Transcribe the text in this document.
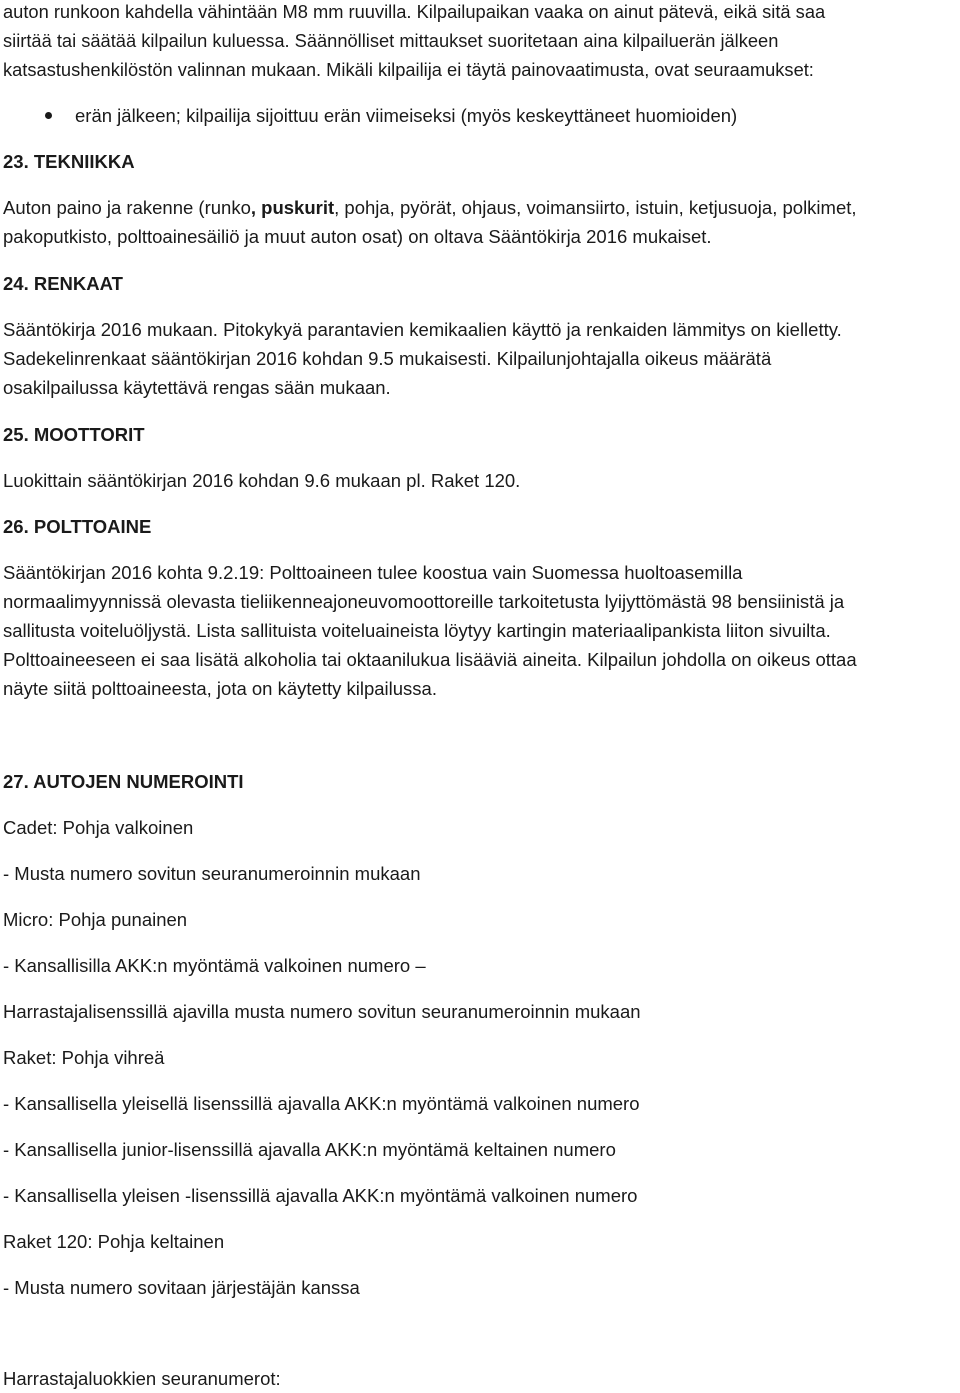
auton runkoon kahdella vähintään M8 mm ruuvilla. Kilpailupaikan vaaka on ainut pätevä, eikä sitä saa

siirtää tai säätää kilpailun kuluessa. Säännölliset mittaukset suoritetaan aina kilpailuerän jälkeen

katsastushenkilöstön valinnan mukaan. Mikäli kilpailija ei täytä painovaatimusta, ovat seuraamukset:

erän jälkeen; kilpailija sijoittuu erän viimeiseksi (myös keskeyttäneet huomioiden)

23. TEKNIIKKA

Auton paino ja rakenne (runko, puskurit, pohja, pyörät, ohjaus, voimansiirto, istuin, ketjusuoja, polkimet,

pakoputkisto, polttoainesäiliö ja muut auton osat) on oltava Sääntökirja 2016 mukaiset.

24. RENKAAT

Sääntökirja 2016 mukaan. Pitokykyä parantavien kemikaalien käyttö ja renkaiden lämmitys on kielletty.

Sadekelinrenkaat sääntökirjan 2016 kohdan 9.5 mukaisesti. Kilpailunjohtajalla oikeus määrätä

osakilpailussa käytettävä rengas sään mukaan.

25. MOOTTORIT

Luokittain sääntökirjan 2016 kohdan 9.6 mukaan pl. Raket 120.

26. POLTTOAINE

Sääntökirjan 2016 kohta 9.2.19: Polttoaineen tulee koostua vain Suomessa huoltoasemilla

normaalimyynnissä olevasta tieliikenneajoneuvomoottoreille tarkoitetusta lyijyttömästä 98 bensiinistä ja

sallitusta voiteluöljystä. Lista sallituista voiteluaineista löytyy kartingin materiaalipankista liiton sivuilta.

Polttoaineeseen ei saa lisätä alkoholia tai oktaanilukua lisääviä aineita. Kilpailun johdolla on oikeus ottaa

näyte siitä polttoaineesta, jota on käytetty kilpailussa.

27. AUTOJEN NUMEROINTI

Cadet: Pohja valkoinen

- Musta numero sovitun seuranumeroinnin mukaan

Micro: Pohja punainen

- Kansallisilla AKK:n myöntämä valkoinen numero –

Harrastajalisenssillä ajavilla musta numero sovitun seuranumeroinnin mukaan

Raket: Pohja vihreä

- Kansallisella yleisellä lisenssillä ajavalla AKK:n myöntämä valkoinen numero

- Kansallisella junior-lisenssillä ajavalla AKK:n myöntämä keltainen numero

- Kansallisella yleisen -lisenssillä ajavalla AKK:n myöntämä valkoinen numero

Raket 120: Pohja keltainen

- Musta numero sovitaan järjestäjän kanssa

Harrastajaluokkien seuranumerot:
